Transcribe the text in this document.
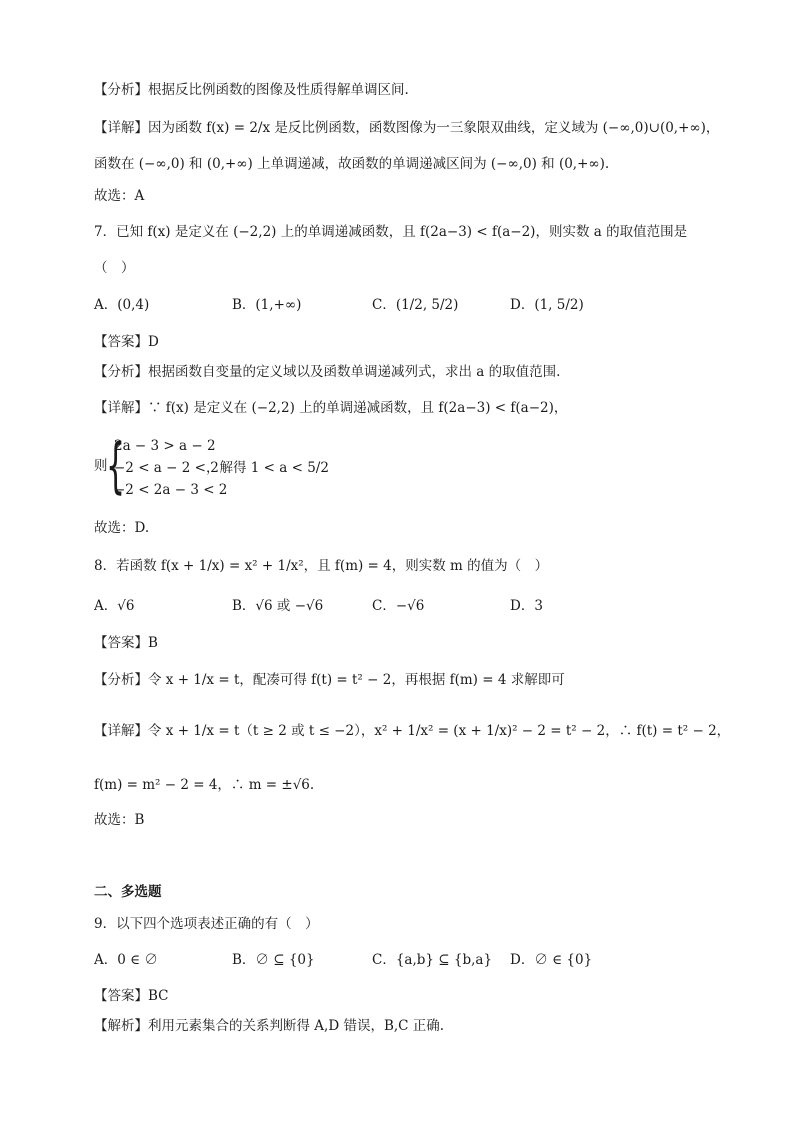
【分析】根据反比例函数的图像及性质得解单调区间.
【详解】因为函数 f(x) = 2/x 是反比例函数，函数图像为一三象限双曲线，定义域为 (−∞,0)∪(0,+∞)，
函数在 (−∞,0) 和 (0,+∞) 上单调递减，故函数的单调递减区间为 (−∞,0) 和 (0,+∞).
故选：A
7．已知 f(x) 是定义在 (−2,2) 上的单调递减函数，且 f(2a−3) < f(a−2)，则实数 a 的取值范围是
（　）
A．(0,4)	B．(1,+∞)	C．(1/2, 5/2)	D．(1, 5/2)
【答案】D
【分析】根据函数自变量的定义域以及函数单调递减列式，求出 a 的取值范围.
【详解】∵ f(x) 是定义在 (−2,2) 上的单调递减函数，且 f(2a−3) < f(a−2)，
则
{
2a − 3 > a − 2
−2 < a − 2 < 2
−2 < 2a − 3 < 2
，解得 1 < a < 5/2
故选：D.
8．若函数 f(x + 1/x) = x² + 1/x²，且 f(m) = 4，则实数 m 的值为（　）
A．√6	B．√6 或 −√6	C．−√6	D．3
【答案】B
【分析】令 x + 1/x = t，配凑可得 f(t) = t² − 2，再根据 f(m) = 4 求解即可
【详解】令 x + 1/x = t（t ≥ 2 或 t ≤ −2），x² + 1/x² = (x + 1/x)² − 2 = t² − 2，∴ f(t) = t² − 2，
f(m) = m² − 2 = 4，∴ m = ±√6.
故选：B
二、多选题
9．以下四个选项表述正确的有（　）
A．0 ∈ ∅	B．∅ ⊆ {0}	C．{a,b} ⊆ {b,a} D．∅ ∈ {0}
【答案】BC
【解析】利用元素集合的关系判断得 A,D 错误，B,C 正确.
